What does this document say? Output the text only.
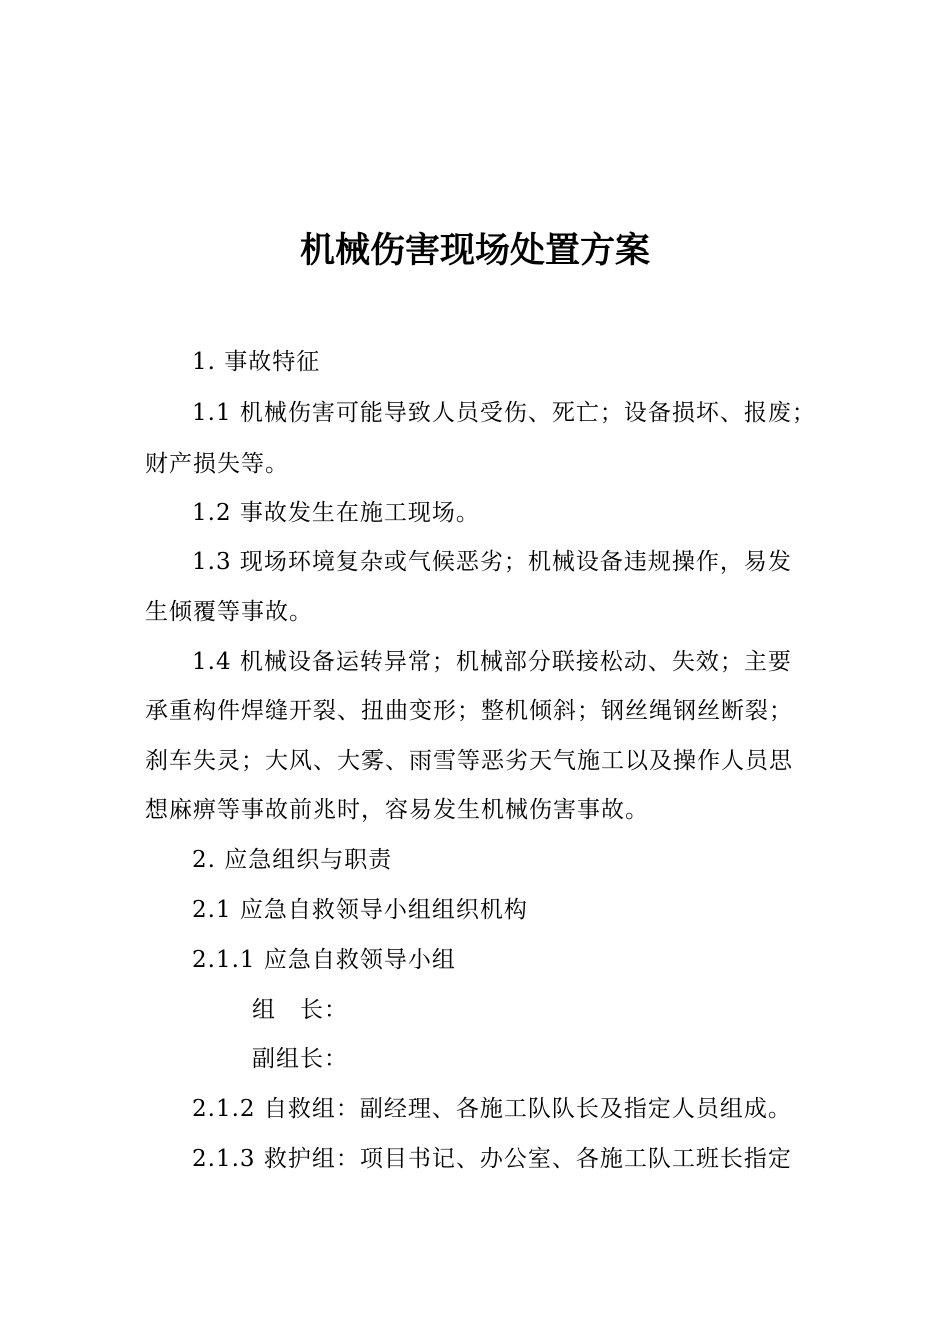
机械伤害现场处置方案
1. 事故特征
1.1 机械伤害可能导致人员受伤、死亡；设备损坏、报废；
财产损失等。
1.2 事故发生在施工现场。
1.3 现场环境复杂或气候恶劣；机械设备违规操作，易发
生倾覆等事故。
1.4 机械设备运转异常；机械部分联接松动、失效；主要
承重构件焊缝开裂、扭曲变形；整机倾斜；钢丝绳钢丝断裂；
刹车失灵；大风、大雾、雨雪等恶劣天气施工以及操作人员思
想麻痹等事故前兆时，容易发生机械伤害事故。
2. 应急组织与职责
2.1 应急自救领导小组组织机构
2.1.1 应急自救领导小组
组　长：
副组长：
2.1.2 自救组：副经理、各施工队队长及指定人员组成。
2.1.3 救护组：项目书记、办公室、各施工队工班长指定
